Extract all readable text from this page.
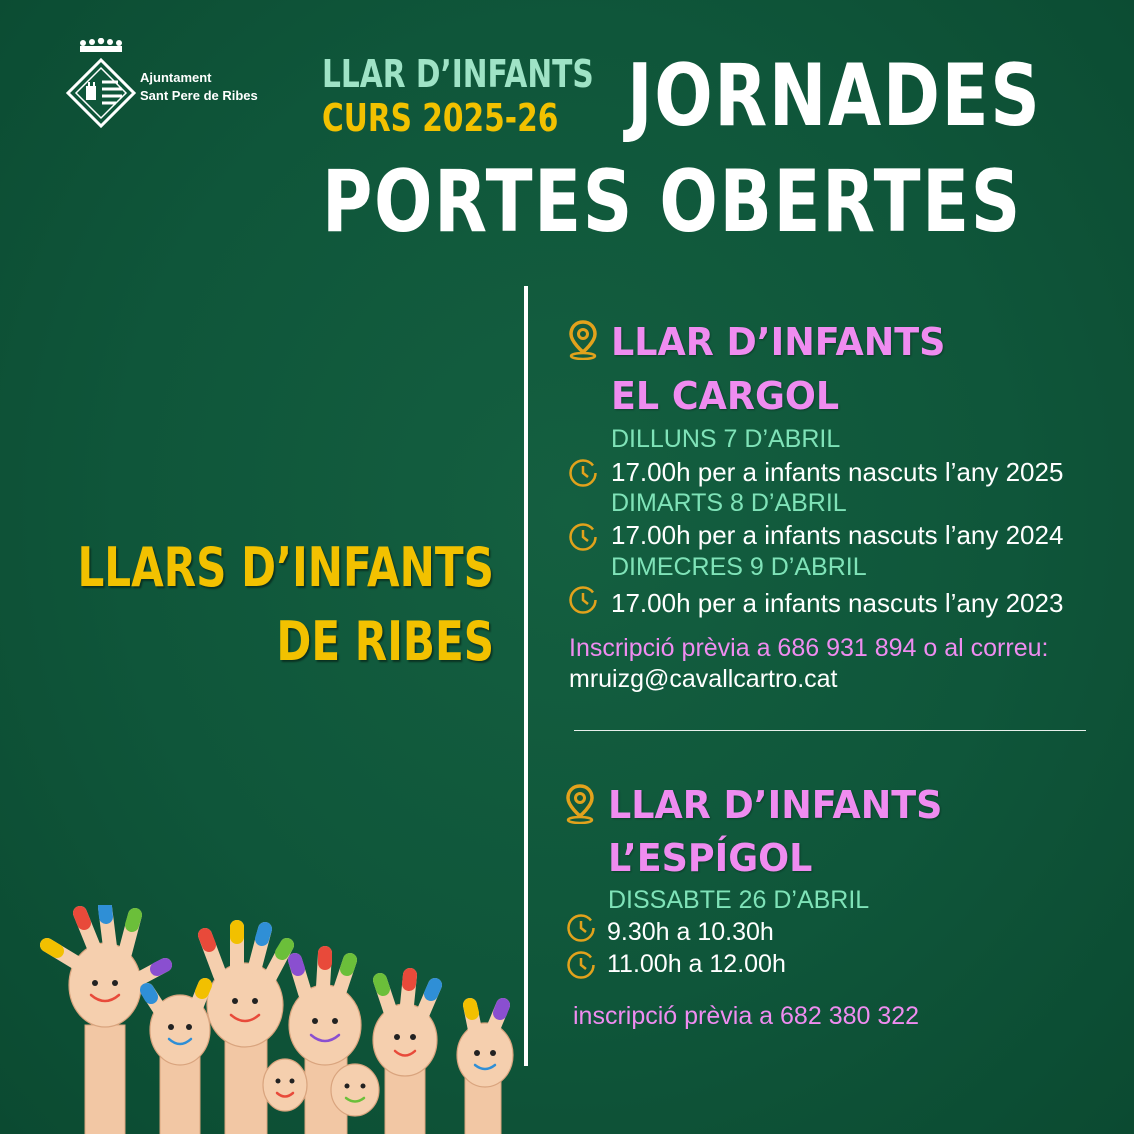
Ajuntament
Sant Pere de Ribes LLAR D’INFANTS
CURS 2025-26 JORNADES
PORTES OBERTES
LLARS D’INFANTS
DE RIBES
LLAR D’INFANTS
EL CARGOL
DILLUNS 7 D’ABRIL
17.00h per a infants nascuts l’any 2025
DIMARTS 8 D’ABRIL
17.00h per a infants nascuts l’any 2024
DIMECRES 9 D’ABRIL
17.00h per a infants nascuts l’any 2023
Inscripció prèvia a 686 931 894 o al correu:
mruizg@cavallcartro.cat
LLAR D’INFANTS
L’ESPÍGOL
DISSABTE 26 D’ABRIL
9.30h a 10.30h
11.00h a 12.00h
inscripció prèvia a 682 380 322
